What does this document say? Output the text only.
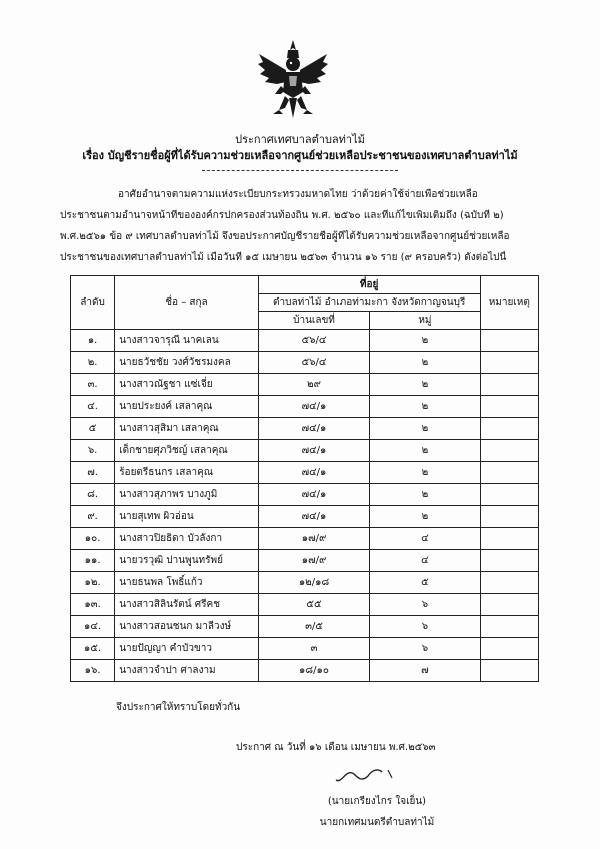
ประกาศเทศบาลตำบลท่าไม้
เรื่อง บัญชีรายชื่อผู้ที่ได้รับความช่วยเหลือจากศูนย์ช่วยเหลือประชาชนของเทศบาลตำบลท่าไม้
อาศัยอำนาจตามความแห่งระเบียบกระทรวงมหาดไทย ว่าด้วยค่าใช้จ่ายเพื่อช่วยเหลือ
ประชาชนตามอำนาจหน้าที่ขององค์กรปกครองส่วนท้องถิ่น พ.ศ. ๒๕๖๐ และที่แก้ไขเพิ่มเติมถึง (ฉบับที่ ๒)
พ.ศ.๒๕๖๑ ข้อ ๙ เทศบาลตำบลท่าไม้ จึงขอประกาศบัญชีรายชื่อผู้ที่ได้รับความช่วยเหลือจากศูนย์ช่วยเหลือ
ประชาชนของเทศบาลตำบลท่าไม้ เมื่อวันที่ ๑๕ เมษายน ๒๕๖๓ จำนวน ๑๖ ราย (๙ ครอบครัว) ดังต่อไปนี้
ลำดับ	ชื่อ – สกุล	ที่อยู่		หมายเหตุ
		ตำบลท่าไม้ อำเภอท่ามะกา จังหวัดกาญจนบุรี		
		บ้านเลขที่	หมู่	
๑.	นางสาวจารุณี นาคเลน	๕๖/๔	๒	
๒.	นายธวัชชัย วงศ์วัชรมงคล	๕๖/๔	๒	
๓.	นางสาวณัฐชา แซ่เจี่ย	๒๙	๒	
๔.	นายประยงค์ เสลาคุณ	๗๔/๑	๒	
๕	นางสาวสุสิมา เสลาคุณ	๗๔/๑	๒	
๖.	เด็กชายศุภวิชญ์ เสลาคุณ	๗๔/๑	๒	
๗.	ร้อยตรีธนกร เสลาคุณ	๗๔/๑	๒	
๘.	นางสาวสุภาพร บางภูมิ	๗๔/๑	๒	
๙.	นายสุเทพ ผิวอ่อน	๗๔/๑	๒	
๑๐.	นางสาวปิยธิดา บัวลังกา	๑๗/๙	๔	
๑๑.	นายวรวุฒิ ปานพูนทรัพย์	๑๗/๙	๔	
๑๒.	นายธนพล โพธิ์แก้ว	๑๒/๑๘	๕	
๑๓.	นางสาวสิลินรัตน์ ศรีคช	๕๕	๖	
๑๔.	นางสาวสอนชนก มาลีวงษ์	๓/๕	๖	
๑๕.	นายปัญญา คำบัวขาว	๓	๖	
๑๖.	นางสาวจำปา ศาลงาม	๑๘/๑๐	๗	
จึงประกาศให้ทราบโดยทั่วกัน
ประกาศ ณ วันที่ ๑๖ เดือน เมษายน พ.ศ.๒๕๖๓
(นายเกรียงไกร ใจเย็น)
นายกเทศมนตรีตำบลท่าไม้
